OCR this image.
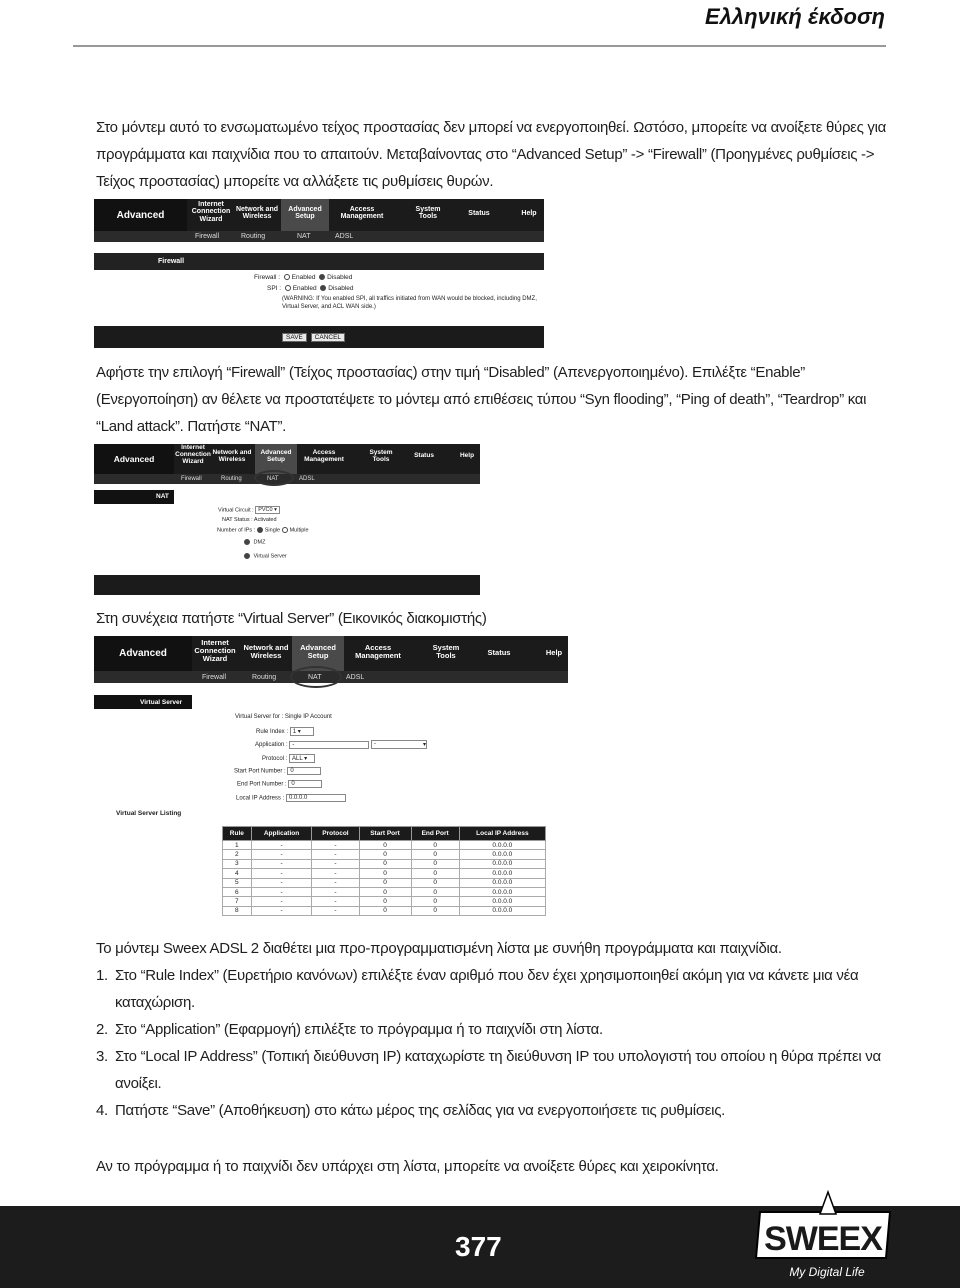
Ελληνική έκδοση
Στο μόντεμ αυτό το ενσωματωμένο τείχος προστασίας δεν μπορεί να ενεργοποιηθεί. Ωστόσο, μπορείτε να ανοίξετε θύρες για προγράμματα και παιχνίδια που το απαιτούν. Μεταβαίνοντας στο “Advanced Setup” -> “Firewall” (Προηγμένες ρυθμίσεις -> Τείχος προστασίας) μπορείτε να αλλάξετε τις ρυθμίσεις θυρών.
Advanced
Internet Connection Wizard
Network and Wireless
Advanced Setup
Access Management
System Tools	Status	Help
Firewall	Routing	NAT	ADSL
Firewall
Firewall : Enabled Disabled
SPI : Enabled Disabled
(WARNING: If You enabled SPI, all traffics initiated from WAN would be blocked, including DMZ, Virtual Server, and ACL WAN side.)
SAVE CANCEL
Αφήστε την επιλογή “Firewall” (Τείχος προστασίας) στην τιμή “Disabled” (Απενεργοποιημένο). Επιλέξτε “Enable” (Ενεργοποίηση) αν θέλετε να προστατέψετε το μόντεμ από επιθέσεις τύπου “Syn flooding”, “Ping of death”, “Teardrop” και “Land attack”. Πατήστε “NAT”.
Advanced
Internet Connection Wizard
Network and Wireless
Advanced Setup
Access Management
System Tools
Status	Help
Firewall	Routing	NAT	ADSL
NAT
Virtual Circuit : PVC0 ▾
NAT Status : Activated
Number of IPs : Single Multiple
DMZ
Virtual Server
Στη συνέχεια πατήστε “Virtual Server” (Εικονικός διακομιστής)
Advanced
Internet Connection Wizard
Network and Wireless
Advanced Setup
Access Management
System Tools	Status	Help
Firewall	Routing	NAT	ADSL
Virtual Server
Virtual Server for : Single IP Account
Rule Index : 1 ▾
Application : -	-	▾
Protocol : ALL ▾
Start Port Number : 0
End Port Number : 0
Local IP Address : 0.0.0.0
Virtual Server Listing
Rule	Application	Protocol	Start Port	End Port	Local IP Address
1	-	-	0	0	0.0.0.0
2	-	-	0	0	0.0.0.0
3	-	-	0	0	0.0.0.0
4	-	-	0	0	0.0.0.0
5	-	-	0	0	0.0.0.0
6	-	-	0	0	0.0.0.0
7	-	-	0	0	0.0.0.0
8	-	-	0	0	0.0.0.0
Το μόντεμ Sweex ADSL 2 διαθέτει μια προ-προγραμματισμένη λίστα με συνήθη προγράμματα και παιχνίδια.
1. Στο “Rule Index” (Ευρετήριο κανόνων) επιλέξτε έναν αριθμό που δεν έχει χρησιμοποιηθεί ακόμη για να κάνετε μια νέα καταχώριση.
2. Στο “Application” (Εφαρμογή) επιλέξτε το πρόγραμμα ή το παιχνίδι στη λίστα.
3. Στο “Local IP Address” (Τοπική διεύθυνση IP) καταχωρίστε τη διεύθυνση IP του υπολογιστή του οποίου η θύρα πρέπει να ανοίξει.
4. Πατήστε “Save” (Αποθήκευση) στο κάτω μέρος της σελίδας για να ενεργοποιήσετε τις ρυθμίσεις.
Αν το πρόγραμμα ή το παιχνίδι δεν υπάρχει στη λίστα, μπορείτε να ανοίξετε θύρες και χειροκίνητα.
377	SWEEX
My Digital Life
